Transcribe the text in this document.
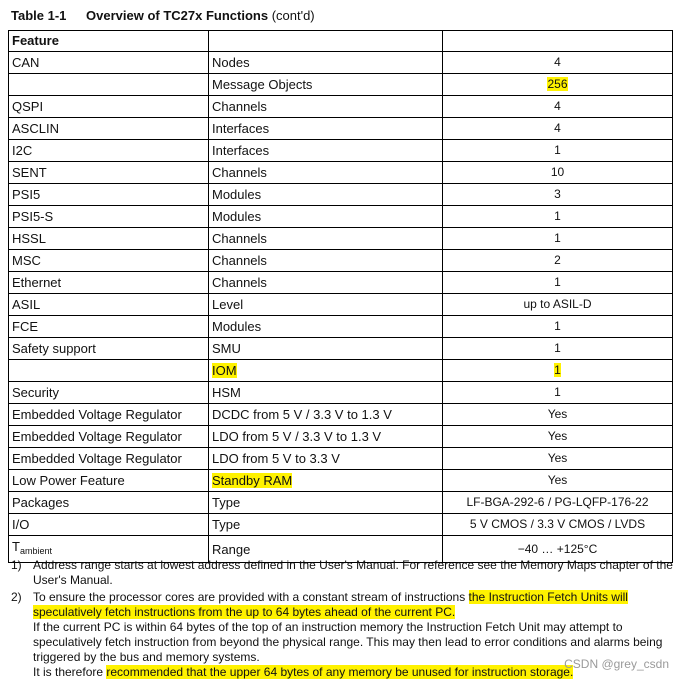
Table 1-1 Overview of TC27x Functions (cont'd)
Feature		
CAN	Nodes	4
	Message Objects	256
QSPI	Channels	4
ASCLIN	Interfaces	4
I2C	Interfaces	1
SENT	Channels	10
PSI5	Modules	3
PSI5-S	Modules	1
HSSL	Channels	1
MSC	Channels	2
Ethernet	Channels	1
ASIL	Level	up to ASIL-D
FCE	Modules	1
Safety support	SMU	1
	IOM	1
Security	HSM	1
Embedded Voltage Regulator	DCDC from 5 V / 3.3 V to 1.3 V	Yes
Embedded Voltage Regulator	LDO from 5 V / 3.3 V to 1.3 V	Yes
Embedded Voltage Regulator	LDO from 5 V to 3.3 V	Yes
Low Power Feature	Standby RAM	Yes
Packages	Type	LF-BGA-292-6 / PG-LQFP-176-22
I/O	Type	5 V CMOS / 3.3 V CMOS / LVDS
$T_{ambient}$	Range	−40 … +125°C
1) Address range starts at lowest address defined in the User's Manual. For reference see the Memory Maps chapter of the User's Manual.

2) To ensure the processor cores are provided with a constant stream of instructions the Instruction Fetch Units will speculatively fetch instructions from the up to 64 bytes ahead of the current PC.
If the current PC is within 64 bytes of the top of an instruction memory the Instruction Fetch Unit may attempt to speculatively fetch instruction from beyond the physical range. This may then lead to error conditions and alarms being triggered by the bus and memory systems.
It is therefore recommended that the upper 64 bytes of any memory be unused for instruction storage.

CSDN @grey_csdn
